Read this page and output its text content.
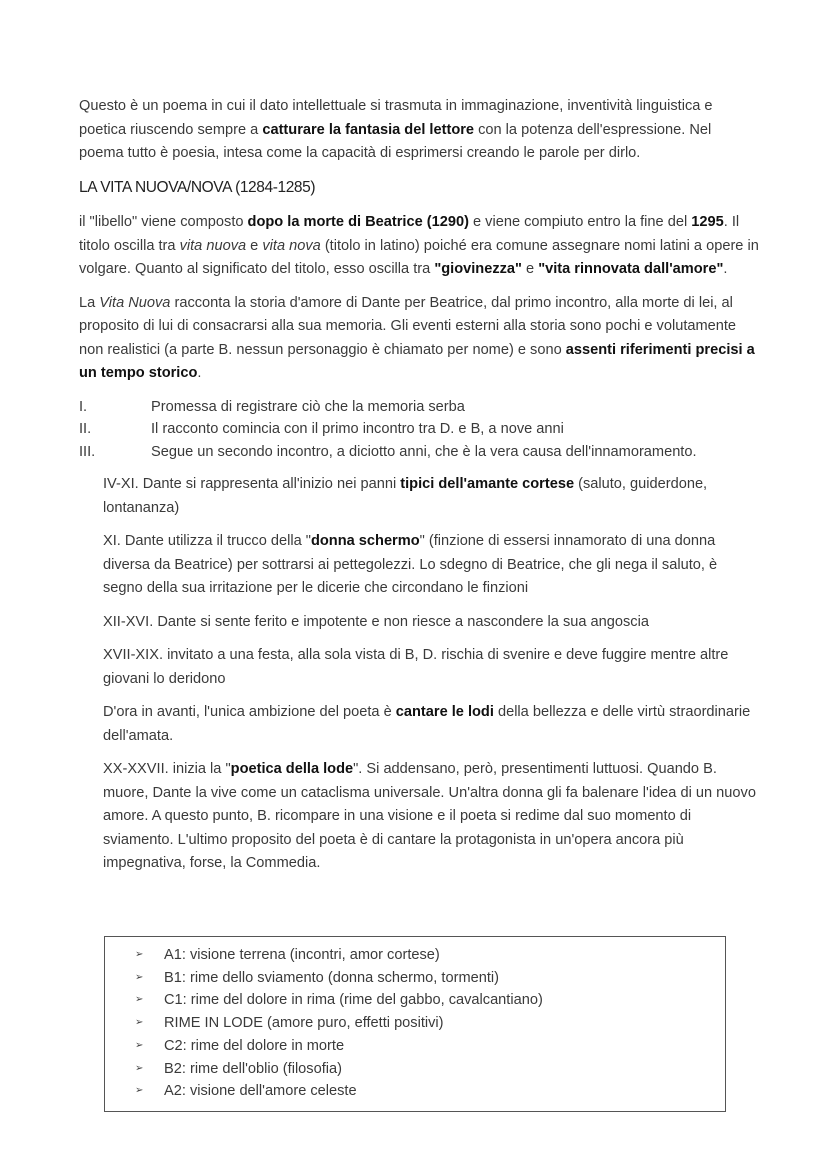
Questo è un poema in cui il dato intellettuale si trasmuta in immaginazione, inventività linguistica e poetica riuscendo sempre a catturare la fantasia del lettore con la potenza dell'espressione. Nel poema tutto è poesia, intesa come la capacità di esprimersi creando le parole per dirlo.

LA VITA NUOVA/NOVA (1284-1285)

il "libello" viene composto dopo la morte di Beatrice (1290) e viene compiuto entro la fine del 1295. Il titolo oscilla tra vita nuova e vita nova (titolo in latino) poiché era comune assegnare nomi latini a opere in volgare. Quanto al significato del titolo, esso oscilla tra "giovinezza" e "vita rinnovata dall'amore".

La Vita Nuova racconta la storia d'amore di Dante per Beatrice, dal primo incontro, alla morte di lei, al proposito di lui di consacrarsi alla sua memoria. Gli eventi esterni alla storia sono pochi e volutamente non realistici (a parte B. nessun personaggio è chiamato per nome) e sono assenti riferimenti precisi a un tempo storico.

I.	Promessa di registrare ciò che la memoria serba
II.	Il racconto comincia con il primo incontro tra D. e B, a nove anni
III.	Segue un secondo incontro, a diciotto anni, che è la vera causa dell'innamoramento.

IV-XI. Dante si rappresenta all'inizio nei panni tipici dell'amante cortese (saluto, guiderdone, lontananza)

XI. Dante utilizza il trucco della "donna schermo" (finzione di essersi innamorato di una donna diversa da Beatrice) per sottrarsi ai pettegolezzi. Lo sdegno di Beatrice, che gli nega il saluto, è segno della sua irritazione per le dicerie che circondano le finzioni

XII-XVI. Dante si sente ferito e impotente e non riesce a nascondere la sua angoscia

XVII-XIX. invitato a una festa, alla sola vista di B, D. rischia di svenire e deve fuggire mentre altre giovani lo deridono

D'ora in avanti, l'unica ambizione del poeta è cantare le lodi della bellezza e delle virtù straordinarie dell'amata.

XX-XXVII. inizia la "poetica della lode". Si addensano, però, presentimenti luttuosi. Quando B. muore, Dante la vive come un cataclisma universale. Un'altra donna gli fa balenare l'idea di un nuovo amore. A questo punto, B. ricompare in una visione e il poeta si redime dal suo momento di sviamento. L'ultimo proposito del poeta è di cantare la protagonista in un'opera ancora più impegnativa, forse, la Commedia.

➢	A1: visione terrena (incontri, amor cortese)
➢	B1: rime dello sviamento (donna schermo, tormenti)
➢	C1: rime del dolore in rima (rime del gabbo, cavalcantiano)
➢	RIME IN LODE (amore puro, effetti positivi)
➢	C2: rime del dolore in morte
➢	B2: rime dell'oblio (filosofia)
➢	A2: visione dell'amore celeste
